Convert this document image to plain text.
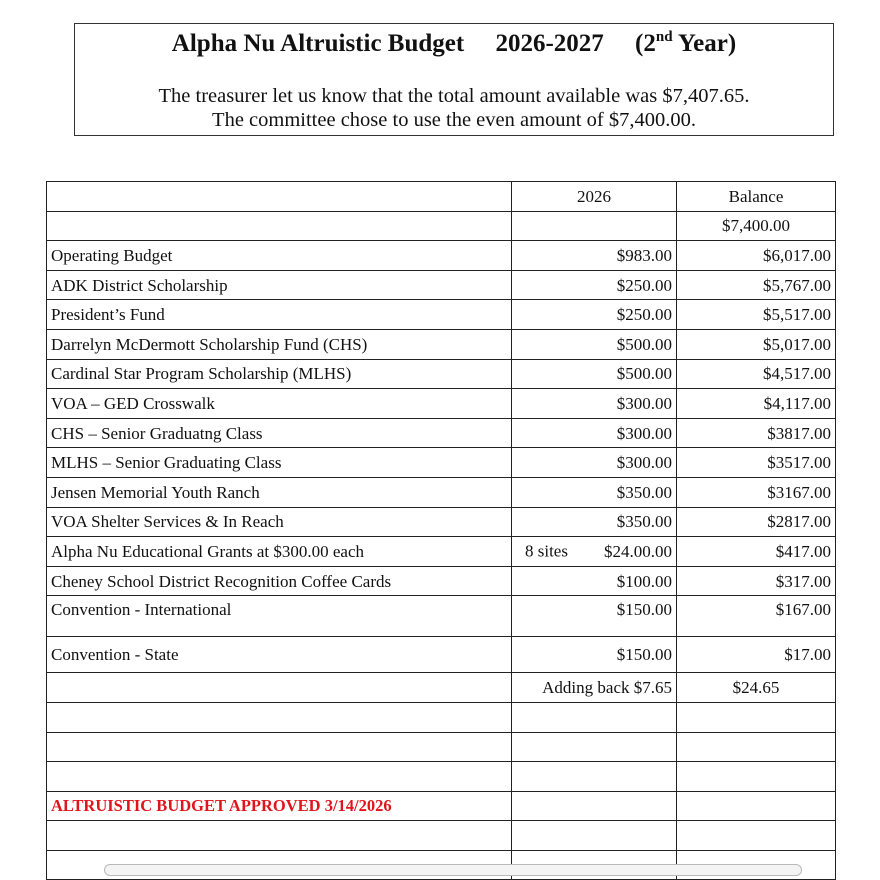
Alpha Nu Altruistic Budget 2026-2027 (2nd Year)
The treasurer let us know that the total amount available was $7,407.65.
The committee chose to use the even amount of $7,400.00.
	2026	Balance
		$7,400.00
Operating Budget	$983.00	$6,017.00
ADK District Scholarship	$250.00	$5,767.00
President’s Fund	$250.00	$5,517.00
Darrelyn McDermott Scholarship Fund (CHS)	$500.00	$5,017.00
Cardinal Star Program Scholarship (MLHS)	$500.00	$4,517.00
VOA – GED Crosswalk	$300.00	$4,117.00
CHS – Senior Graduatng Class	$300.00	$3817.00
MLHS – Senior Graduating Class	$300.00	$3517.00
Jensen Memorial Youth Ranch	$350.00	$3167.00
VOA Shelter Services & In Reach	$350.00	$2817.00
Alpha Nu Educational Grants at $300.00 each	8 sites $24.00.00	$417.00
Cheney School District Recognition Coffee Cards	$100.00	$317.00
Convention - International	$150.00	$167.00
Convention - State	$150.00	$17.00
	Adding back $7.65	$24.65

ALTRUISTIC BUDGET APPROVED 3/14/2026		
